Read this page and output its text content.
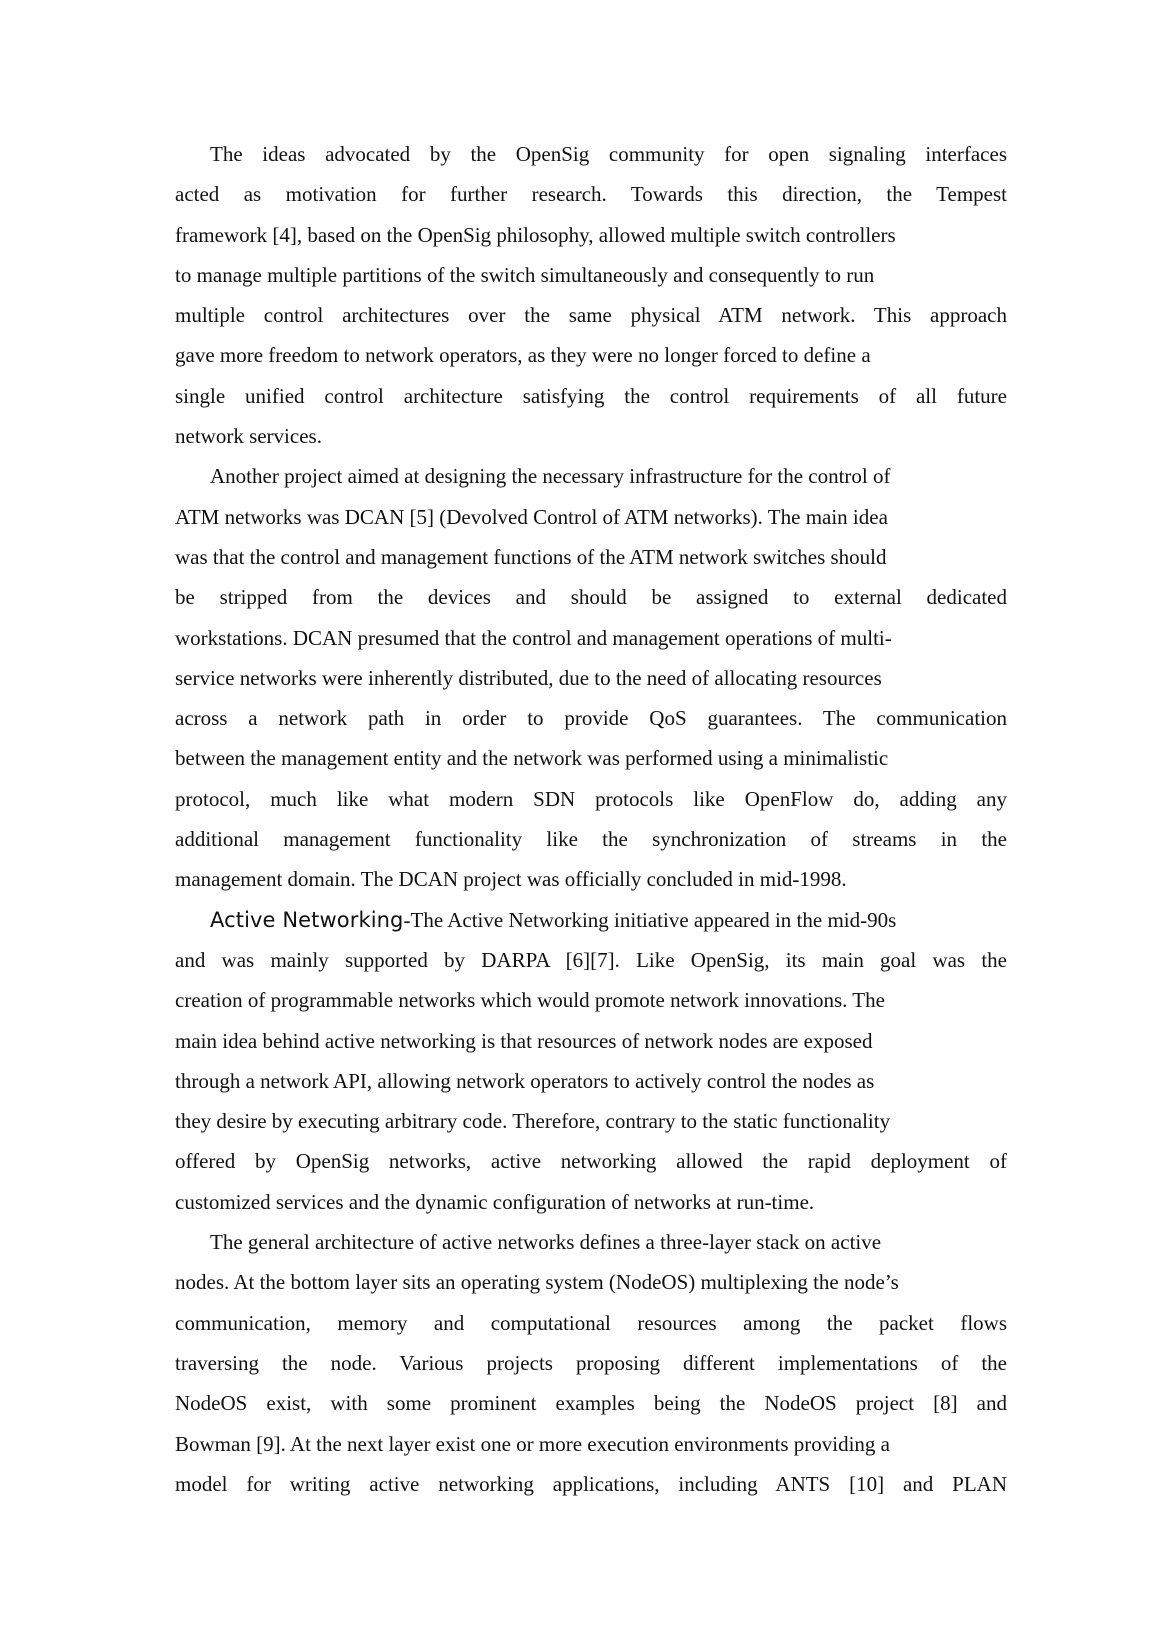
The ideas advocated by the OpenSig community for open signaling interfaces
acted as motivation for further research. Towards this direction, the Tempest
framework [4], based on the OpenSig philosophy, allowed multiple switch controllers
to manage multiple partitions of the switch simultaneously and consequently to run
multiple control architectures over the same physical ATM network. This approach
gave more freedom to network operators, as they were no longer forced to define a
single unified control architecture satisfying the control requirements of all future
network services.
Another project aimed at designing the necessary infrastructure for the control of
ATM networks was DCAN [5] (Devolved Control of ATM networks). The main idea
was that the control and management functions of the ATM network switches should
be stripped from the devices and should be assigned to external dedicated
workstations. DCAN presumed that the control and management operations of multi-
service networks were inherently distributed, due to the need of allocating resources
across a network path in order to provide QoS guarantees. The communication
between the management entity and the network was performed using a minimalistic
protocol, much like what modern SDN protocols like OpenFlow do, adding any
additional management functionality like the synchronization of streams in the
management domain. The DCAN project was officially concluded in mid-1998.
Active Networking-The Active Networking initiative appeared in the mid-90s
and was mainly supported by DARPA [6][7]. Like OpenSig, its main goal was the
creation of programmable networks which would promote network innovations. The
main idea behind active networking is that resources of network nodes are exposed
through a network API, allowing network operators to actively control the nodes as
they desire by executing arbitrary code. Therefore, contrary to the static functionality
offered by OpenSig networks, active networking allowed the rapid deployment of
customized services and the dynamic configuration of networks at run-time.
The general architecture of active networks defines a three-layer stack on active
nodes. At the bottom layer sits an operating system (NodeOS) multiplexing the node’s
communication, memory and computational resources among the packet flows
traversing the node. Various projects proposing different implementations of the
NodeOS exist, with some prominent examples being the NodeOS project [8] and
Bowman [9]. At the next layer exist one or more execution environments providing a
model for writing active networking applications, including ANTS [10] and PLAN
